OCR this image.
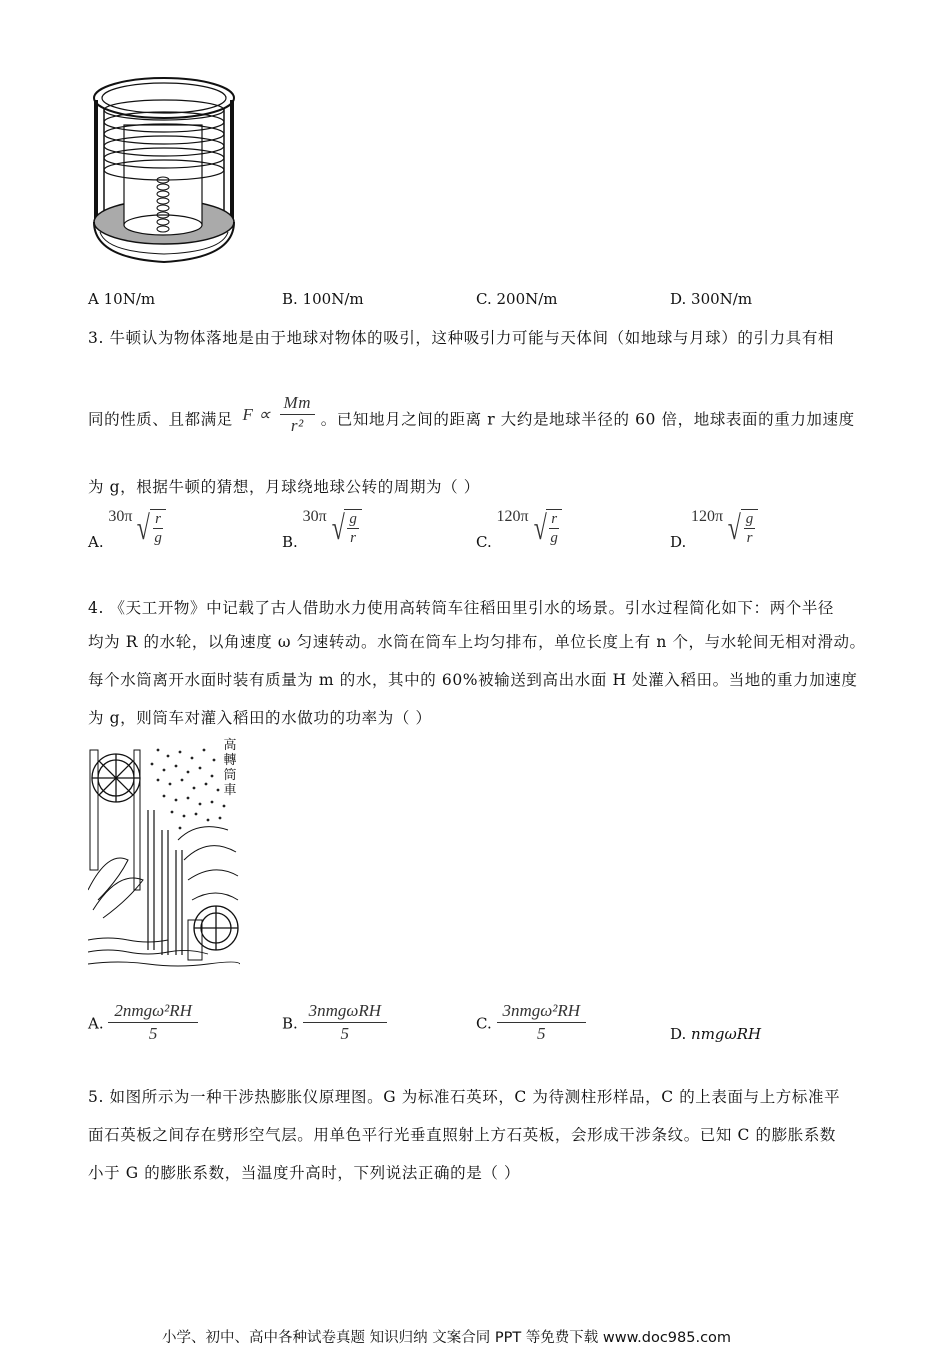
A 10N/m	B. 100N/m	C. 200N/m	D. 300N/m
3. 牛顿认为物体落地是由于地球对物体的吸引，这种吸引力可能与天体间（如地球与月球）的引力具有相
同的性质、且都满足 $F \propto \frac{Mm}{\text{r²}}$ 。已知地月之间的距离 r 大约是地球半径的 60 倍，地球表面的重力加速度
为 g，根据牛顿的猜想，月球绕地球公转的周期为（ ）
A. 30π √ $\frac{r}{g}$	B. 30π √ $\frac{g}{r}$	C. 120π √ $\frac{r}{g}$	D. 120π √ $\frac{g}{r}$
4. 《天工开物》中记载了古人借助水力使用高转筒车往稻田里引水的场景。引水过程简化如下：两个半径
均为 R 的水轮，以角速度 ω 匀速转动。水筒在筒车上均匀排布，单位长度上有 n 个，与水轮间无相对滑动。
每个水筒离开水面时装有质量为 m 的水，其中的 60%被输送到高出水面 H 处灌入稻田。当地的重力加速度
为 g，则筒车对灌入稻田的水做功的功率为（ ）
高
轉
筒
車
A. $\frac{\text{2nmgω²RH}}{5}$	B. $\frac{\text{3nmgωRH}}{5}$	C. $\frac{\text{3nmgω²RH}}{5}$	D. nmgωRH
5. 如图所示为一种干涉热膨胀仪原理图。G 为标准石英环，C 为待测柱形样品，C 的上表面与上方标准平
面石英板之间存在劈形空气层。用单色平行光垂直照射上方石英板，会形成干涉条纹。已知 C 的膨胀系数
小于 G 的膨胀系数，当温度升高时，下列说法正确的是（ ）
小学、初中、高中各种试卷真题 知识归纳 文案合同 PPT 等免费下载 www.doc985.com
